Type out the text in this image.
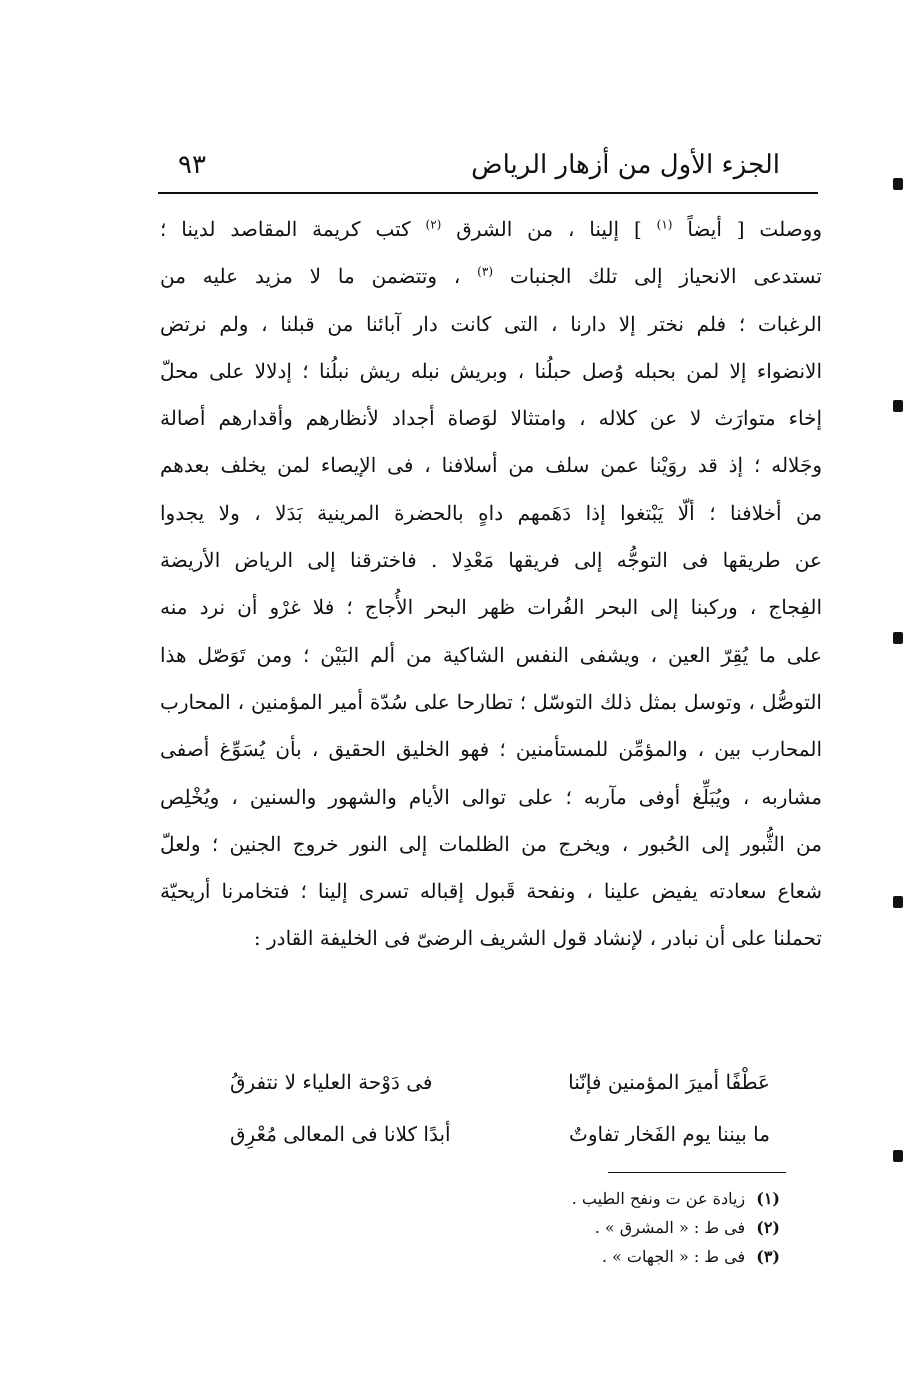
الجزء الأول من أزهار الرياض
٩٣
ووصلت [ أيضاً $^{(١)}$ ] إلينا ، من الشرق $^{(٢)}$ كتب كريمة المقاصد لدينا ؛
تستدعى الانحياز إلى تلك الجنبات $^{(٣)}$ ، وتتضمن ما لا مزيد عليه من
الرغبات ؛ فلم نختر إلا دارنا ، التى كانت دار آبائنا من قبلنا ، ولم نرتض
الانضواء إلا لمن بحبله وُصل حبلُنا ، وبريش نبله ريش نبلُنا ؛ إدلالا على محلّ
إخاء متوارَث لا عن كلاله ، وامتثالا لوَصاة أجداد لأنظارهم وأقدارهم أصالة
وجَلاله ؛ إذ قد روَيْنا عمن سلف من أسلافنا ، فى الإيصاء لمن يخلف بعدهم
من أخلافنا ؛ ألّا يَبْتغوا إذا دَهَمهم داهٍ بالحضرة المرينية بَدَلا ، ولا يجدوا
عن طريقها فى التوجُّه إلى فريقها مَعْدِلا . فاخترقنا إلى الرياض الأريضة
الفِجاج ، وركبنا إلى البحر الفُرات ظهر البحر الأُجاج ؛ فلا غرْو أن نرد منه
على ما يُقِرّ العين ، ويشفى النفس الشاكية من ألم البَيْن ؛ ومن تَوَصّل هذا
التوصُّل ، وتوسل بمثل ذلك التوسّل ؛ تطارحا على سُدّة أمير المؤمنين ، المحارب
المحارب بين ، والمؤمِّن للمستأمنين ؛ فهو الخليق الحقيق ، بأن يُسَوِّغ أصفى
مشاربه ، ويُبَلِّغ أوفى مآربه ؛ على توالى الأيام والشهور والسنين ، ويُخْلِص
من الثُّبور إلى الحُبور ، ويخرج من الظلمات إلى النور خروج الجنين ؛ ولعلّ
شعاع سعادته يفيض علينا ، ونفحة قَبول إقباله تسرى إلينا ؛ فتخامرنا أريحيّة
تحملنا على أن نبادر ، لإنشاد قول الشريف الرضىّ فى الخليفة القادر :
عَطْفًا أميرَ المؤمنين فإنّنا
فى دَوْحة العلياء لا نتفرقُ
ما بيننا يوم الفَخار تفاوتٌ
أبدًا كلانا فى المعالى مُعْرِق
(١) زيادة عن ت ونفح الطيب .
(٢) فى ط : « المشرق » .
(٣) فى ط : « الجهات » .
